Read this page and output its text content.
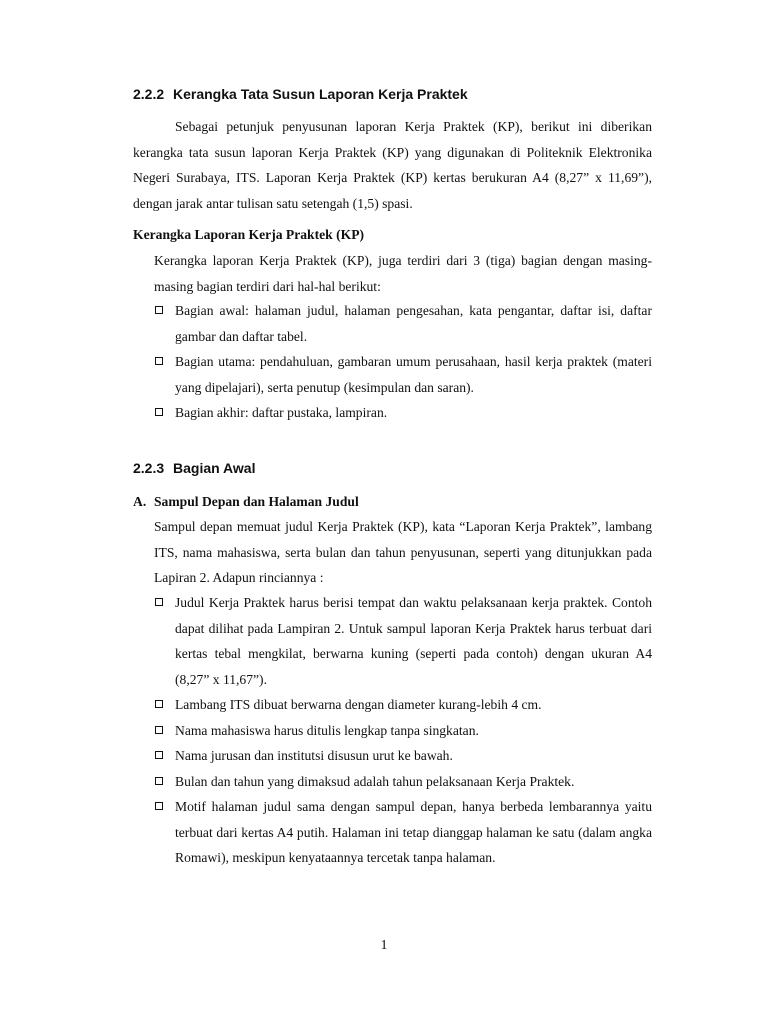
2.2.2 Kerangka Tata Susun Laporan Kerja Praktek
Sebagai petunjuk penyusunan laporan Kerja Praktek (KP), berikut ini diberikan kerangka tata susun laporan Kerja Praktek (KP) yang digunakan di Politeknik Elektronika Negeri Surabaya, ITS. Laporan Kerja Praktek (KP) kertas berukuran A4 (8,27” x 11,69”), dengan jarak antar tulisan satu setengah (1,5) spasi.
Kerangka Laporan Kerja Praktek (KP)
Kerangka laporan Kerja Praktek (KP), juga terdiri dari 3 (tiga) bagian dengan masing-masing bagian terdiri dari hal-hal berikut:
Bagian awal: halaman judul, halaman pengesahan, kata pengantar, daftar isi, daftar gambar dan daftar tabel.
Bagian utama: pendahuluan, gambaran umum perusahaan, hasil kerja praktek (materi yang dipelajari), serta penutup (kesimpulan dan saran).
Bagian akhir: daftar pustaka, lampiran.
2.2.3 Bagian Awal
A. Sampul Depan dan Halaman Judul
Sampul depan memuat judul Kerja Praktek (KP), kata “Laporan Kerja Praktek”, lambang ITS, nama mahasiswa, serta bulan dan tahun penyusunan, seperti yang ditunjukkan pada Lapiran 2. Adapun rinciannya :
Judul Kerja Praktek harus berisi tempat dan waktu pelaksanaan kerja praktek. Contoh dapat dilihat pada Lampiran 2. Untuk sampul laporan Kerja Praktek harus terbuat dari kertas tebal mengkilat, berwarna kuning (seperti pada contoh) dengan ukuran A4 (8,27” x 11,67”).
Lambang ITS dibuat berwarna dengan diameter kurang-lebih 4 cm.
Nama mahasiswa harus ditulis lengkap tanpa singkatan.
Nama jurusan dan institutsi disusun urut ke bawah.
Bulan dan tahun yang dimaksud adalah tahun pelaksanaan Kerja Praktek.
Motif halaman judul sama dengan sampul depan, hanya berbeda lembarannya yaitu terbuat dari kertas A4 putih. Halaman ini tetap dianggap halaman ke satu (dalam angka Romawi), meskipun kenyataannya tercetak tanpa halaman.
1
